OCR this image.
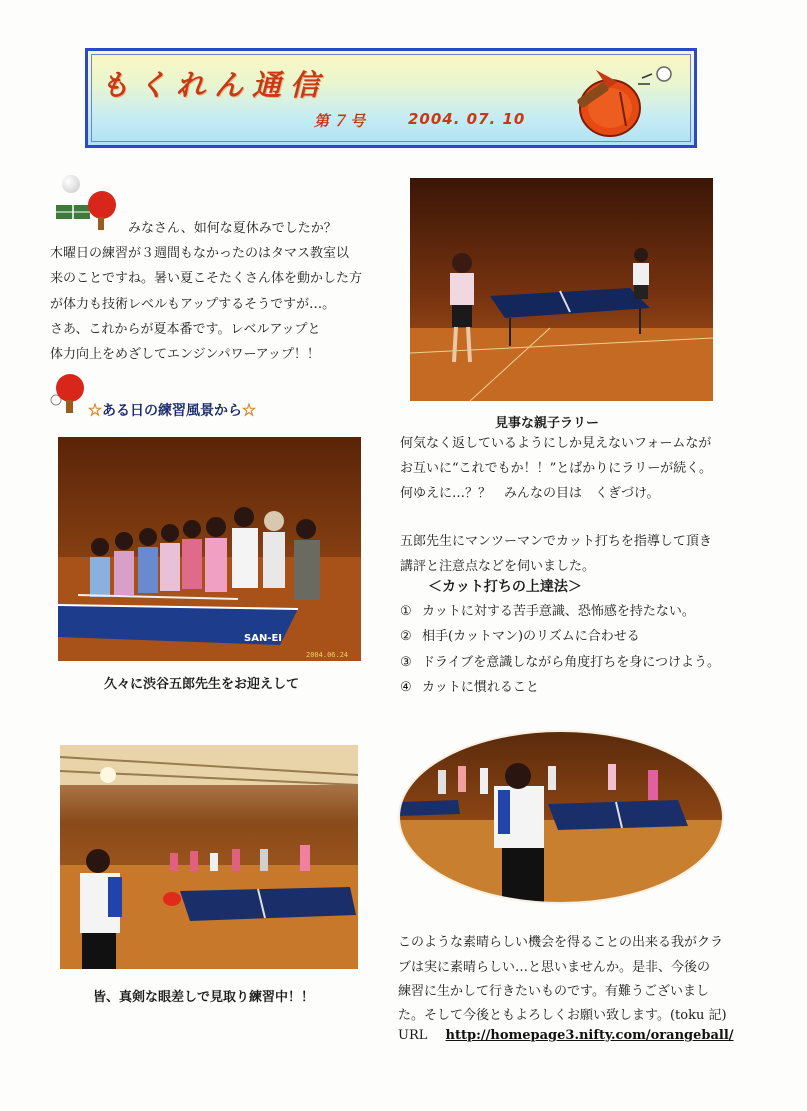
もくれん通信
第７号	2004. 07. 10
みなさん、如何な夏休みでしたか？
木曜日の練習が３週間もなかったのはタマス教室以
来のことですね。暑い夏こそたくさん体を動かした方
が体力も技術レベルもアップするそうですが…。
さあ、これからが夏本番です。レベルアップと
体力向上をめざしてエンジンパワーアップ！！
☆ある日の練習風景から☆
見事な親子ラリー
何気なく返しているようにしか見えないフォームなが
お互いに“これでもか！！”とばかりにラリーが続く。
何ゆえに…？？　みんなの目は　くぎづけ。
五郎先生にマンツーマンでカット打ちを指導して頂き
講評と注意点などを伺いました。
＜カット打ちの上達法＞
① カットに対する苦手意識、恐怖感を持たない。
② 相手(カットマン)のリズムに合わせる
③ ドライブを意識しながら角度打ちを身につけよう。
④ カットに慣れること
SAN-EI
2004.06.24
久々に渋谷五郎先生をお迎えして
皆、真剣な眼差しで見取り練習中！！
このような素晴らしい機会を得ることの出来る我がクラ
ブは実に素晴らしい…と思いませんか。是非、今後の
練習に生かして行きたいものです。有難うございまし
た。そして今後ともよろしくお願い致します。(toku 記)
URL http://homepage3.nifty.com/orangeball/
